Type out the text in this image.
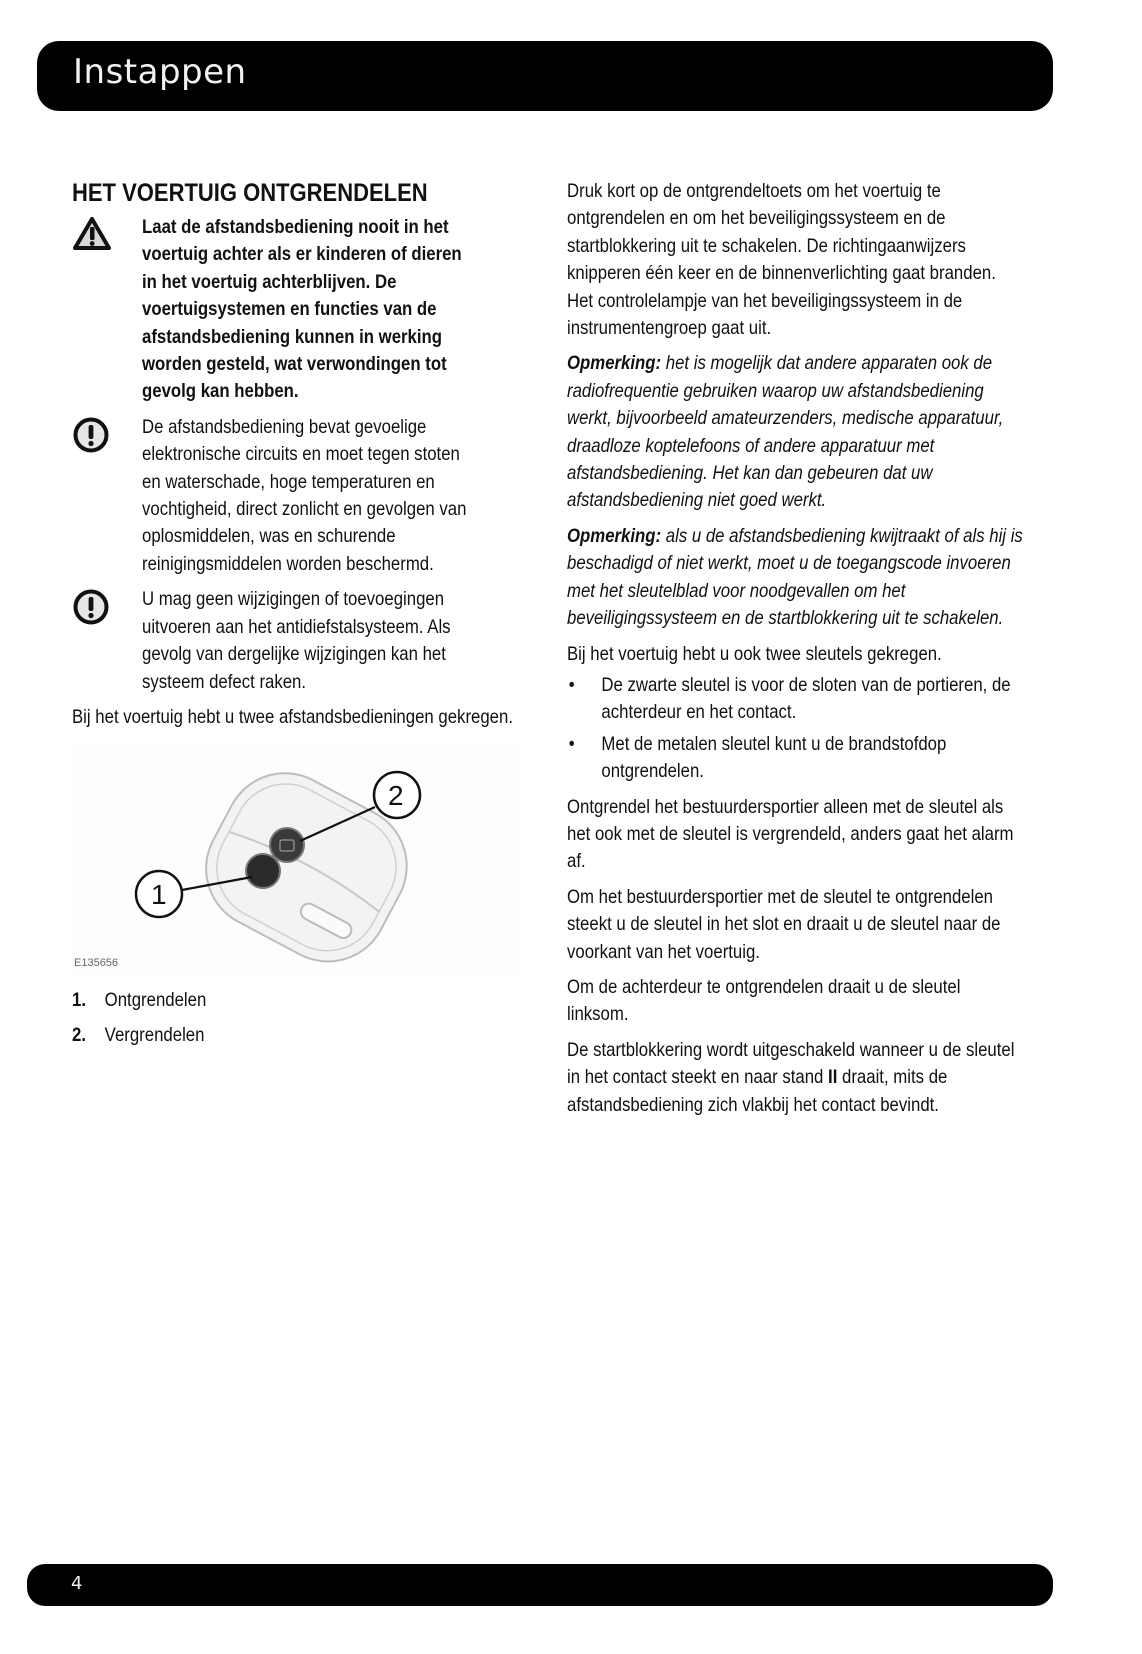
Instappen
HET VOERTUIG ONTGRENDELEN
Laat de afstandsbediening nooit in het voertuig achter als er kinderen of dieren in het voertuig achterblijven. De voertuigsystemen en functies van de afstandsbediening kunnen in werking worden gesteld, wat verwondingen tot gevolg kan hebben.
De afstandsbediening bevat gevoelige elektronische circuits en moet tegen stoten en waterschade, hoge temperaturen en vochtigheid, direct zonlicht en gevolgen van oplosmiddelen, was en schurende reinigingsmiddelen worden beschermd.
U mag geen wijzigingen of toevoegingen uitvoeren aan het antidiefstalsysteem. Als gevolg van dergelijke wijzigingen kan het systeem defect raken.

Bij het voertuig hebt u twee afstandsbedieningen gekregen.

2
1
E135656
1. Ontgrendelen
2. Vergrendelen

Druk kort op de ontgrendeltoets om het voertuig te ontgrendelen en om het beveiligingssysteem en de startblokkering uit te schakelen. De richtingaanwijzers knipperen één keer en de binnenverlichting gaat branden. Het controlelampje van het beveiligingssysteem in de instrumentengroep gaat uit.

Opmerking: het is mogelijk dat andere apparaten ook de radiofrequentie gebruiken waarop uw afstandsbediening werkt, bijvoorbeeld amateurzenders, medische apparatuur, draadloze koptelefoons of andere apparatuur met afstandsbediening. Het kan dan gebeuren dat uw afstandsbediening niet goed werkt.

Opmerking: als u de afstandsbediening kwijtraakt of als hij is beschadigd of niet werkt, moet u de toegangscode invoeren met het sleutelblad voor noodgevallen om het beveiligingssysteem en de startblokkering uit te schakelen.

Bij het voertuig hebt u ook twee sleutels gekregen.

•	De zwarte sleutel is voor de sloten van de portieren, de achterdeur en het contact.
•	Met de metalen sleutel kunt u de brandstofdop ontgrendelen.

Ontgrendel het bestuurdersportier alleen met de sleutel als het ook met de sleutel is vergrendeld, anders gaat het alarm af.

Om het bestuurdersportier met de sleutel te ontgrendelen steekt u de sleutel in het slot en draait u de sleutel naar de voorkant van het voertuig.

Om de achterdeur te ontgrendelen draait u de sleutel linksom.

De startblokkering wordt uitgeschakeld wanneer u de sleutel in het contact steekt en naar stand II draait, mits de afstandsbediening zich vlakbij het contact bevindt.

4
